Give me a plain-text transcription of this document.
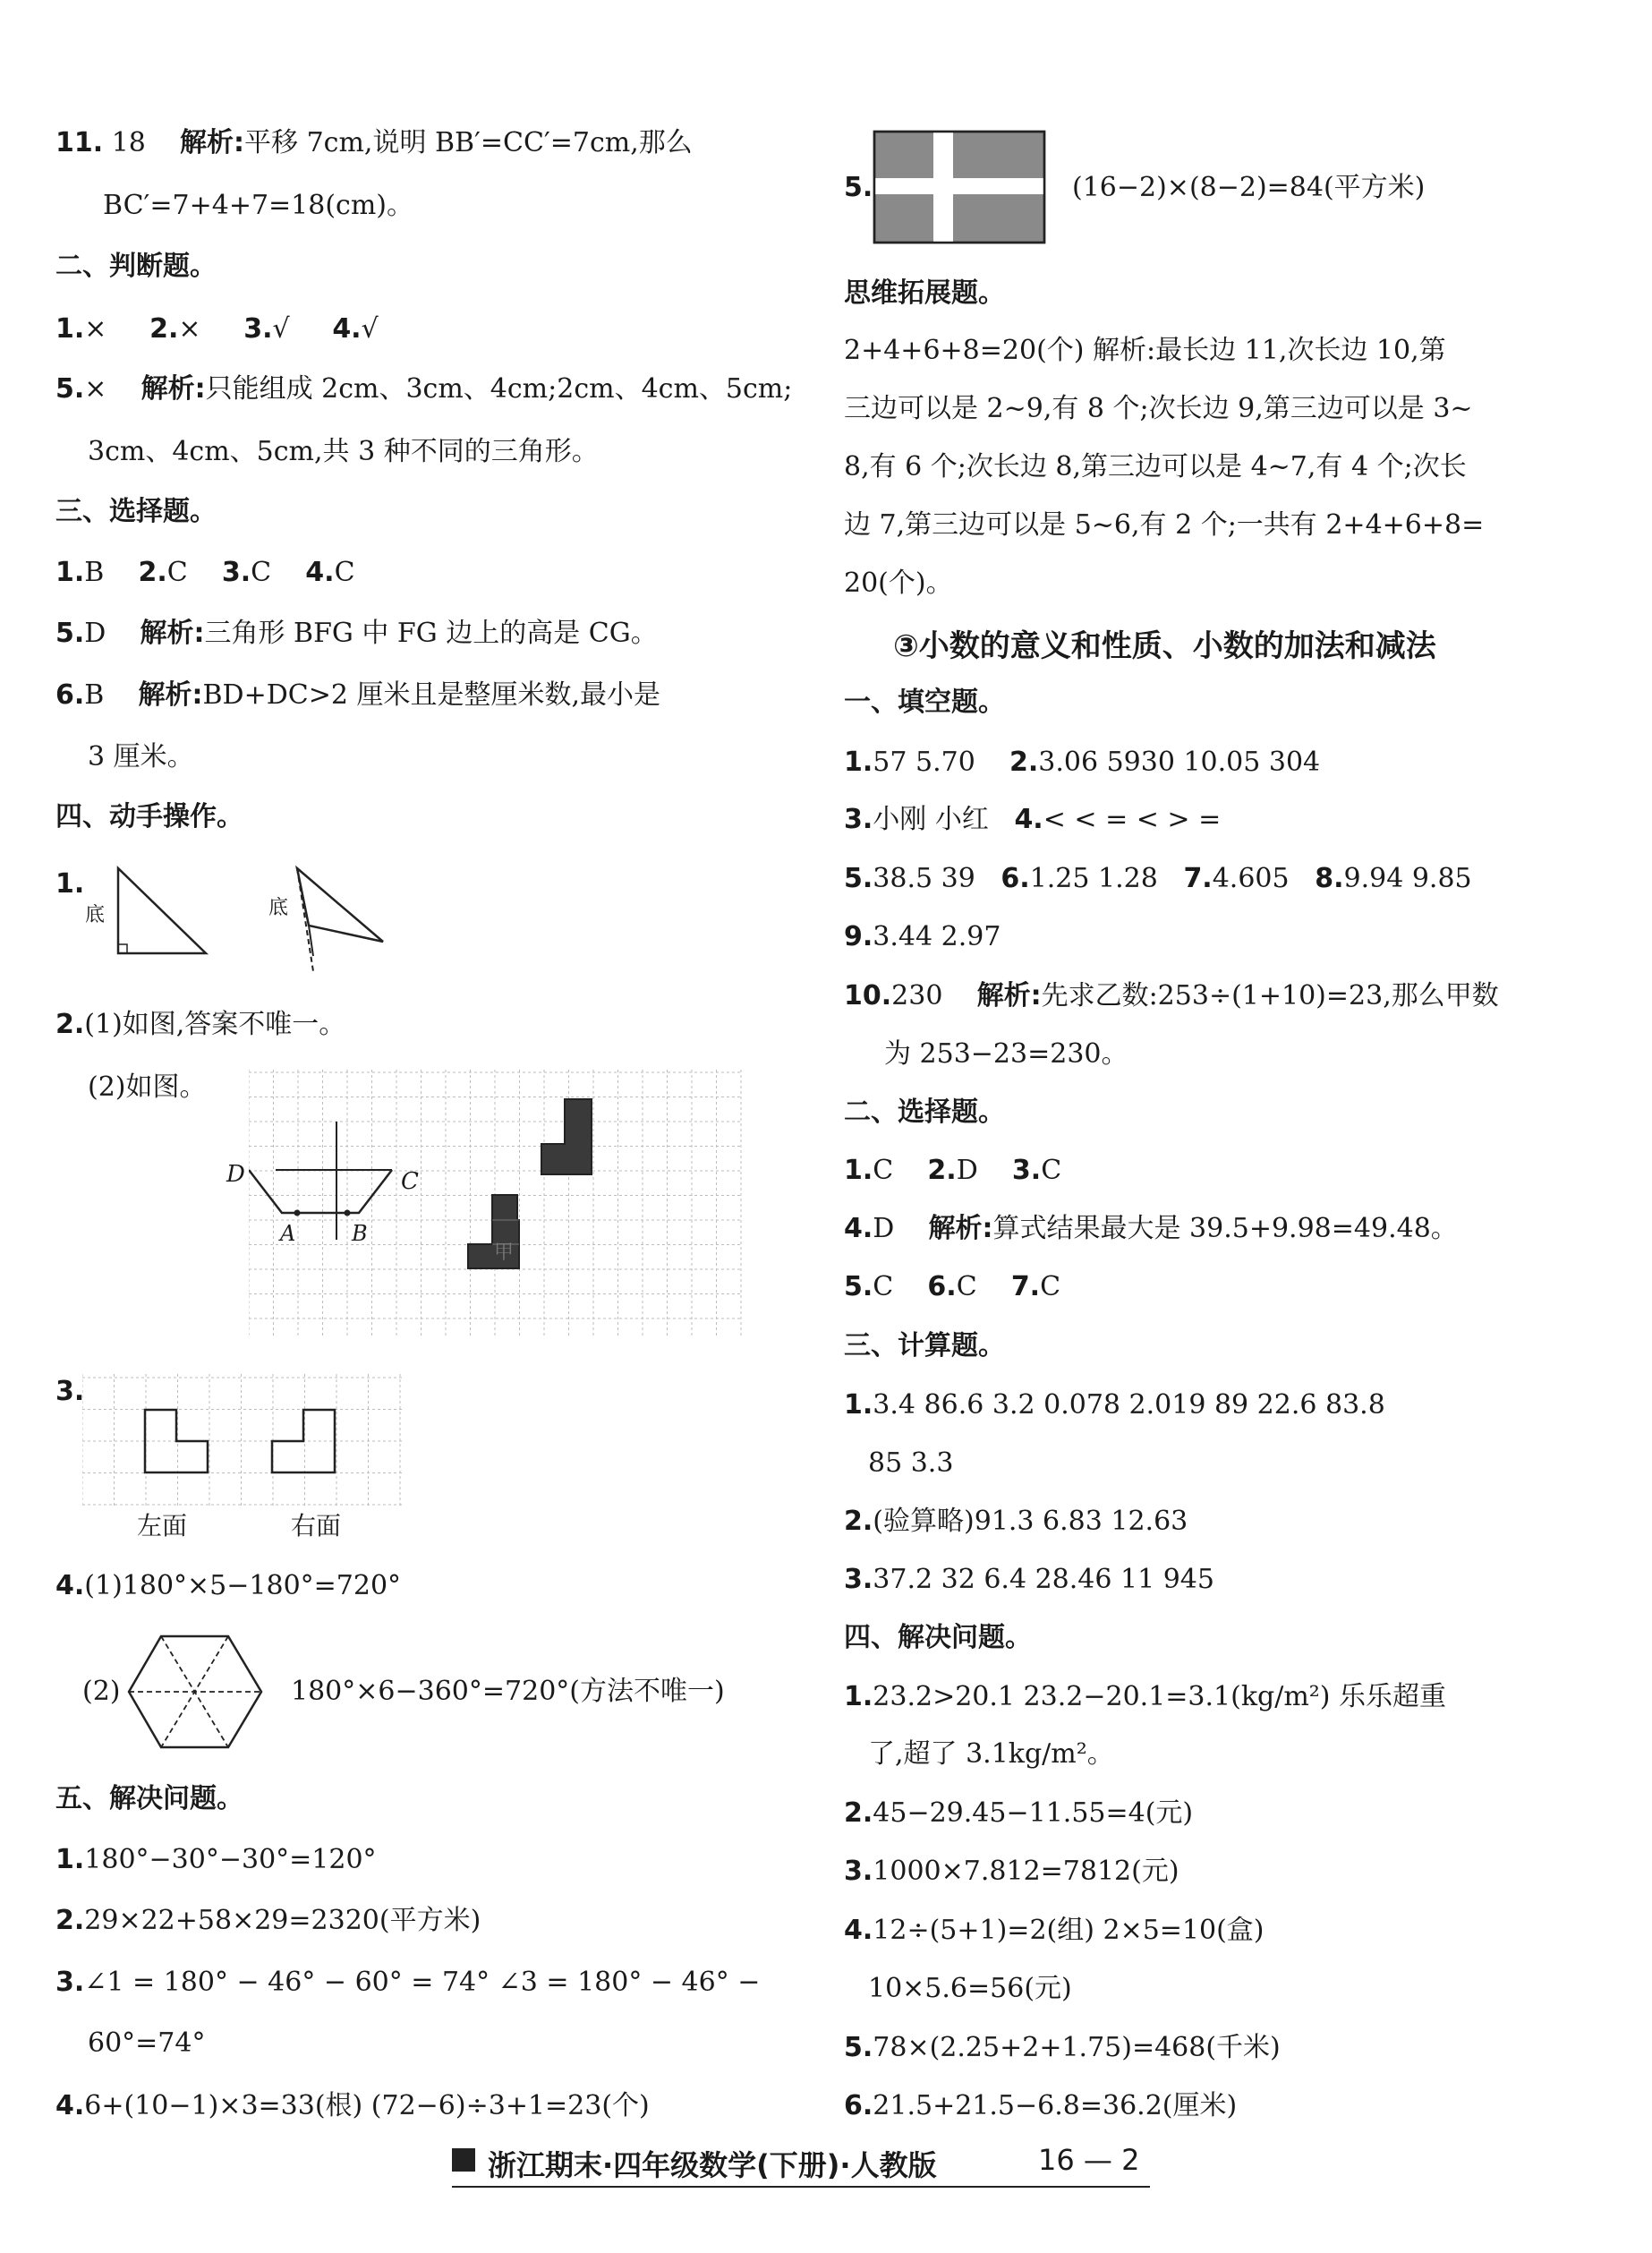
11. 18 解析:平移 7cm,说明 BB′=CC′=7cm,那么
BC′=7+4+7=18(cm)。
二、判断题。
1.× 2.× 3.√ 4.√
5.× 解析:只能组成 2cm、3cm、4cm;2cm、4cm、5cm;
3cm、4cm、5cm,共 3 种不同的三角形。
三、选择题。
1.B 2.C 3.C 4.C
5.D 解析:三角形 BFG 中 FG 边上的高是 CG。
6.B 解析:BD+DC>2 厘米且是整厘米数,最小是
3 厘米。
四、动手操作。
1.
底	底
2.(1)如图,答案不唯一。
(2)如图。
D	C
A	B
甲
3.
左面	右面
4.(1)180°×5−180°=720°
(2)	180°×6−360°=720°(方法不唯一)
五、解决问题。
1.180°−30°−30°=120°
2.29×22+58×29=2320(平方米)
3.∠1 = 180° − 46° − 60° = 74° ∠3 = 180° − 46° −
60°=74°
4.6+(10−1)×3=33(根) (72−6)÷3+1=23(个)
5.	(16−2)×(8−2)=84(平方米)
思维拓展题。
2+4+6+8=20(个) 解析:最长边 11,次长边 10,第
三边可以是 2~9,有 8 个;次长边 9,第三边可以是 3~
8,有 6 个;次长边 8,第三边可以是 4~7,有 4 个;次长
边 7,第三边可以是 5~6,有 2 个;一共有 2+4+6+8=
20(个)。
③小数的意义和性质、小数的加法和减法
一、填空题。
1.57 5.70 2.3.06 5930 10.05 304
3.小刚 小红 4.< < = < > =
5.38.5 39 6.1.25 1.28 7.4.605 8.9.94 9.85
9.3.44 2.97
10.230 解析:先求乙数:253÷(1+10)=23,那么甲数
为 253−23=230。
二、选择题。
1.C 2.D 3.C
4.D 解析:算式结果最大是 39.5+9.98=49.48。
5.C 6.C 7.C
三、计算题。
1.3.4 86.6 3.2 0.078 2.019 89 22.6 83.8
85 3.3
2.(验算略)91.3 6.83 12.63
3.37.2 32 6.4 28.46 11 945
四、解决问题。
1.23.2>20.1 23.2−20.1=3.1(kg/m²) 乐乐超重
了,超了 3.1kg/m²。
2.45−29.45−11.55=4(元)
3.1000×7.812=7812(元)
4.12÷(5+1)=2(组) 2×5=10(盒)
10×5.6=56(元)
5.78×(2.25+2+1.75)=468(千米)
6.21.5+21.5−6.8=36.2(厘米)
浙江期末·四年级数学(下册)·人教版	16 — 2
